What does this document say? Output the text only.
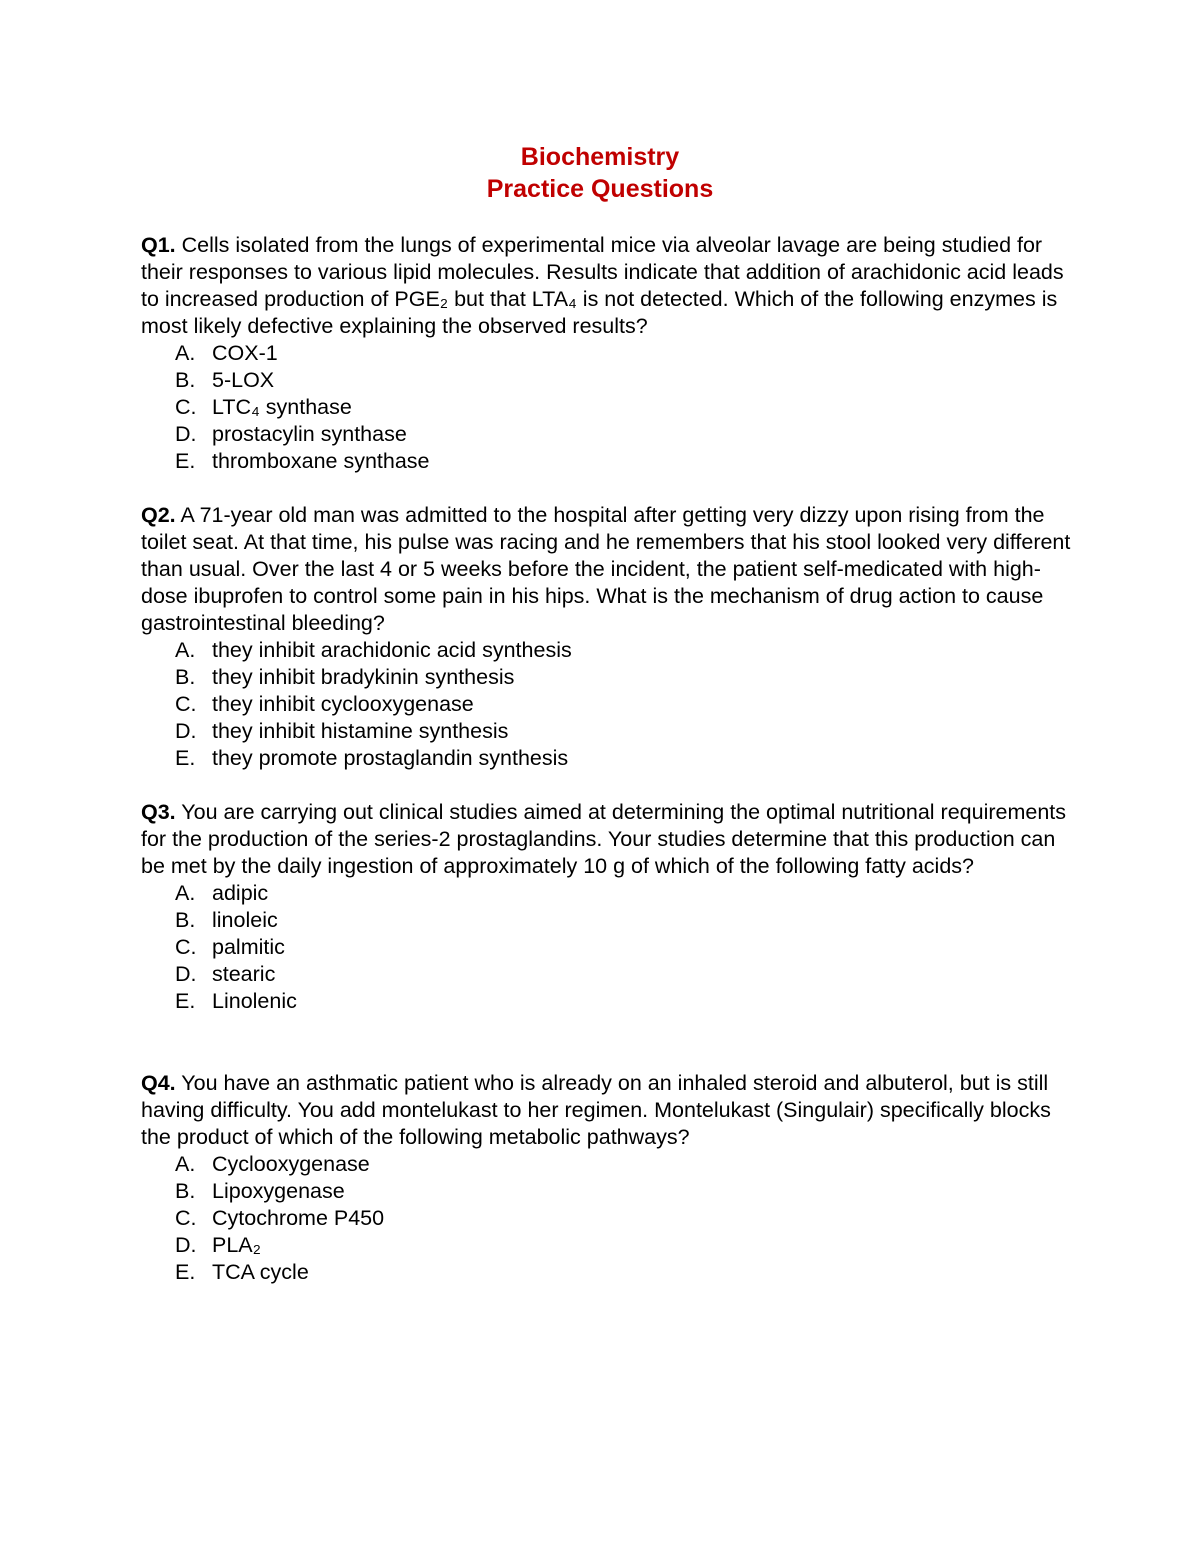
Biochemistry
Practice Questions

Q1. Cells isolated from the lungs of experimental mice via alveolar lavage are being studied for their responses to various lipid molecules. Results indicate that addition of arachidonic acid leads to increased production of PGE₂ but that LTA₄ is not detected. Which of the following enzymes is most likely defective explaining the observed results?

A. COX-1
B. 5-LOX
C. LTC₄ synthase
D. prostacylin synthase
E. thromboxane synthase

Q2. A 71-year old man was admitted to the hospital after getting very dizzy upon rising from the toilet seat. At that time, his pulse was racing and he remembers that his stool looked very different than usual. Over the last 4 or 5 weeks before the incident, the patient self-medicated with high-dose ibuprofen to control some pain in his hips. What is the mechanism of drug action to cause gastrointestinal bleeding?

A. they inhibit arachidonic acid synthesis
B. they inhibit bradykinin synthesis
C. they inhibit cyclooxygenase
D. they inhibit histamine synthesis
E. they promote prostaglandin synthesis

Q3. You are carrying out clinical studies aimed at determining the optimal nutritional requirements for the production of the series-2 prostaglandins. Your studies determine that this production can be met by the daily ingestion of approximately 10 g of which of the following fatty acids?

A. adipic
B. linoleic
C. palmitic
D. stearic
E. Linolenic

Q4. You have an asthmatic patient who is already on an inhaled steroid and albuterol, but is still having difficulty. You add montelukast to her regimen. Montelukast (Singulair) specifically blocks the product of which of the following metabolic pathways?

A. Cyclooxygenase
B. Lipoxygenase
C. Cytochrome P450
D. PLA₂
E. TCA cycle
